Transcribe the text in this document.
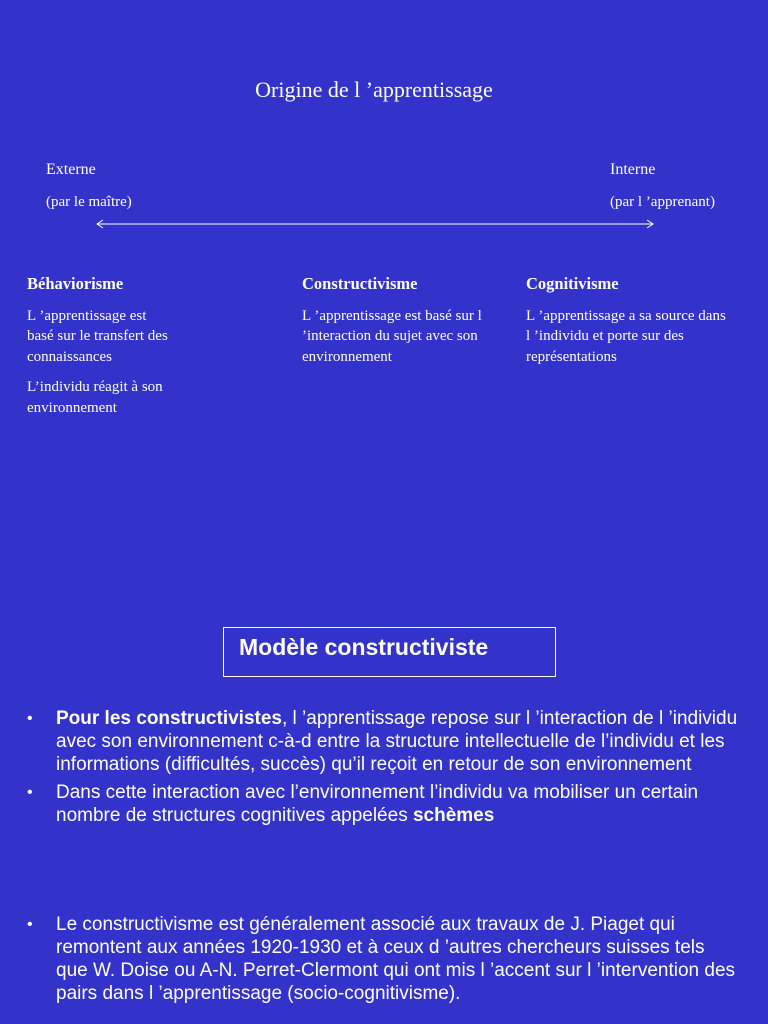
Origine de l ’apprentissage
Externe
(par le maître)
Interne
(par l ’apprenant)
Béhaviorisme

L ’apprentissage est basé sur le transfert des connaissances

L’individu réagit à son environnement

Constructivisme

L ’apprentissage est basé sur l ’interaction du sujet avec son environnement

Cognitivisme

L ’apprentissage a sa source dans l ’individu et porte sur des représentations

Modèle constructiviste
• Pour les constructivistes, l ’apprentissage repose sur l ’interaction de l ’individu avec son environnement c-à-d entre la structure intellectuelle de l’individu et les informations (difficultés, succès) qu’il reçoit en retour de son environnement
• Dans cette interaction avec l’environnement l’individu va mobiliser un certain nombre de structures cognitives appelées schèmes
• Le constructivisme est généralement associé aux travaux de J. Piaget qui remontent aux années 1920-1930 et à ceux d ’autres chercheurs suisses tels que W. Doise ou A-N. Perret-Clermont qui ont mis l ’accent sur l ’intervention des pairs dans l ’apprentissage (socio-cognitivisme).
